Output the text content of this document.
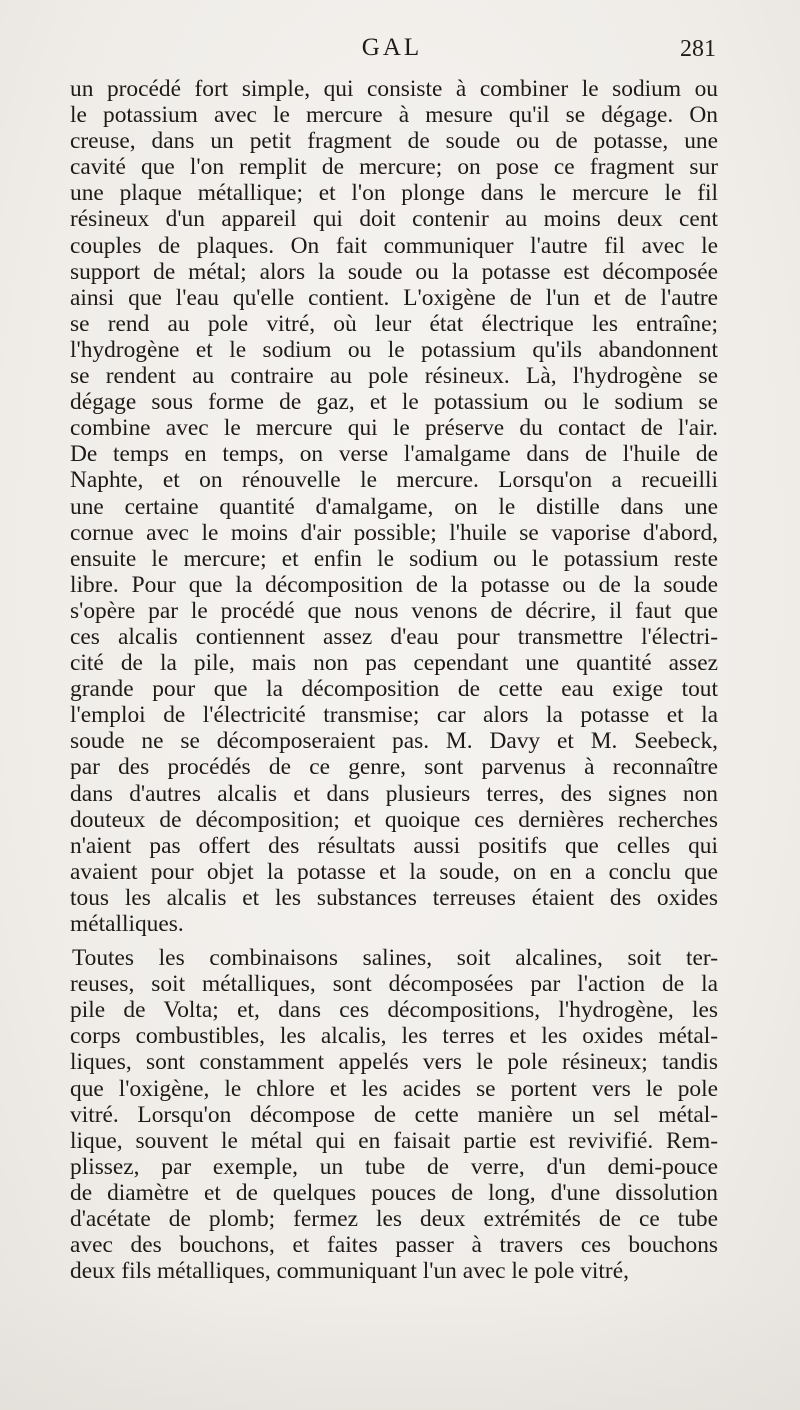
GAL	281
un procédé fort simple, qui consiste à combiner le sodium ou
le potassium avec le mercure à mesure qu'il se dégage. On
creuse, dans un petit fragment de soude ou de potasse, une
cavité que l'on remplit de mercure; on pose ce fragment sur
une plaque métallique; et l'on plonge dans le mercure le fil
résineux d'un appareil qui doit contenir au moins deux cent
couples de plaques. On fait communiquer l'autre fil avec le
support de métal; alors la soude ou la potasse est décomposée
ainsi que l'eau qu'elle contient. L'oxigène de l'un et de l'autre
se rend au pole vitré, où leur état électrique les entraîne;
l'hydrogène et le sodium ou le potassium qu'ils abandonnent
se rendent au contraire au pole résineux. Là, l'hydrogène se
dégage sous forme de gaz, et le potassium ou le sodium se
combine avec le mercure qui le préserve du contact de l'air.
De temps en temps, on verse l'amalgame dans de l'huile de
Naphte, et on rénouvelle le mercure. Lorsqu'on a recueilli
une certaine quantité d'amalgame, on le distille dans une
cornue avec le moins d'air possible; l'huile se vaporise d'abord,
ensuite le mercure; et enfin le sodium ou le potassium reste
libre. Pour que la décomposition de la potasse ou de la soude
s'opère par le procédé que nous venons de décrire, il faut que
ces alcalis contiennent assez d'eau pour transmettre l'électri-
cité de la pile, mais non pas cependant une quantité assez
grande pour que la décomposition de cette eau exige tout
l'emploi de l'électricité transmise; car alors la potasse et la
soude ne se décomposeraient pas. M. Davy et M. Seebeck,
par des procédés de ce genre, sont parvenus à reconnaître
dans d'autres alcalis et dans plusieurs terres, des signes non
douteux de décomposition; et quoique ces dernières recherches
n'aient pas offert des résultats aussi positifs que celles qui
avaient pour objet la potasse et la soude, on en a conclu que
tous les alcalis et les substances terreuses étaient des oxides
métalliques.
Toutes les combinaisons salines, soit alcalines, soit ter-
reuses, soit métalliques, sont décomposées par l'action de la
pile de Volta; et, dans ces décompositions, l'hydrogène, les
corps combustibles, les alcalis, les terres et les oxides métal-
liques, sont constamment appelés vers le pole résineux; tandis
que l'oxigène, le chlore et les acides se portent vers le pole
vitré. Lorsqu'on décompose de cette manière un sel métal-
lique, souvent le métal qui en faisait partie est revivifié. Rem-
plissez, par exemple, un tube de verre, d'un demi-pouce
de diamètre et de quelques pouces de long, d'une dissolution
d'acétate de plomb; fermez les deux extrémités de ce tube
avec des bouchons, et faites passer à travers ces bouchons
deux fils métalliques, communiquant l'un avec le pole vitré,
